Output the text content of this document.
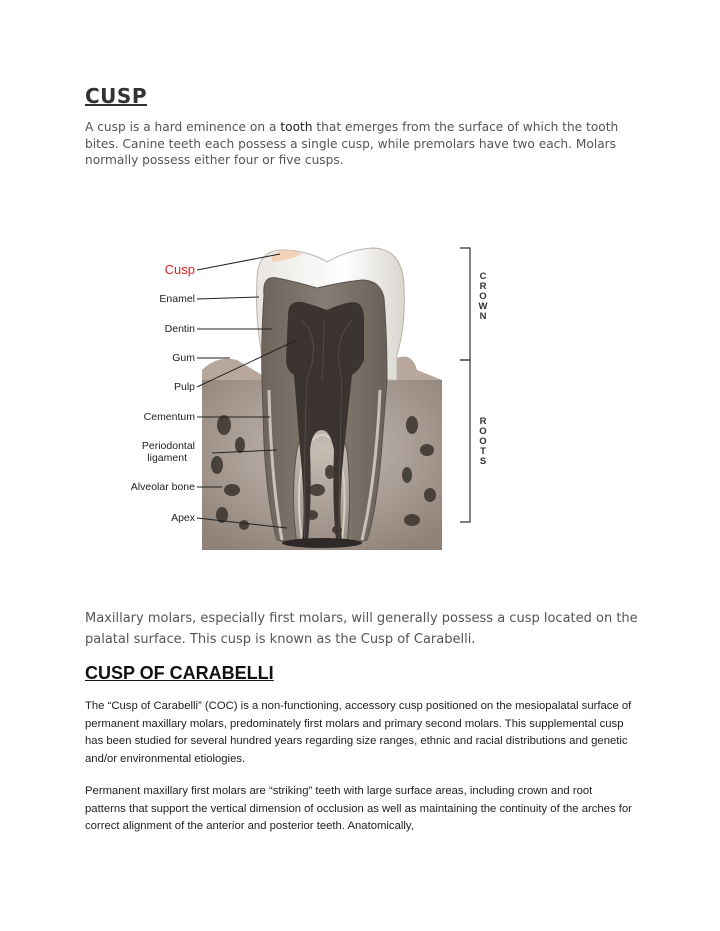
CUSP

A cusp is a hard eminence on a tooth that emerges from the surface of which the tooth bites. Canine teeth each possess a single cusp, while premolars have two each. Molars normally possess either four or five cusps.

Cusp
Enamel
Dentin
Gum
Pulp
Cementum
Periodontal
ligament
Alveolar bone
Apex
CROWN
ROOTS

Maxillary molars, especially first molars, will generally possess a cusp located on the palatal surface. This cusp is known as the Cusp of Carabelli.

CUSP OF CARABELLI

The “Cusp of Carabelli” (COC) is a non-functioning, accessory cusp positioned on the mesiopalatal surface of permanent maxillary molars, predominately first molars and primary second molars. This supplemental cusp has been studied for several hundred years regarding size ranges, ethnic and racial distributions and genetic and/or environmental etiologies.

Permanent maxillary first molars are “striking” teeth with large surface areas, including crown and root patterns that support the vertical dimension of occlusion as well as maintaining the continuity of the arches for correct alignment of the anterior and posterior teeth. Anatomically,
